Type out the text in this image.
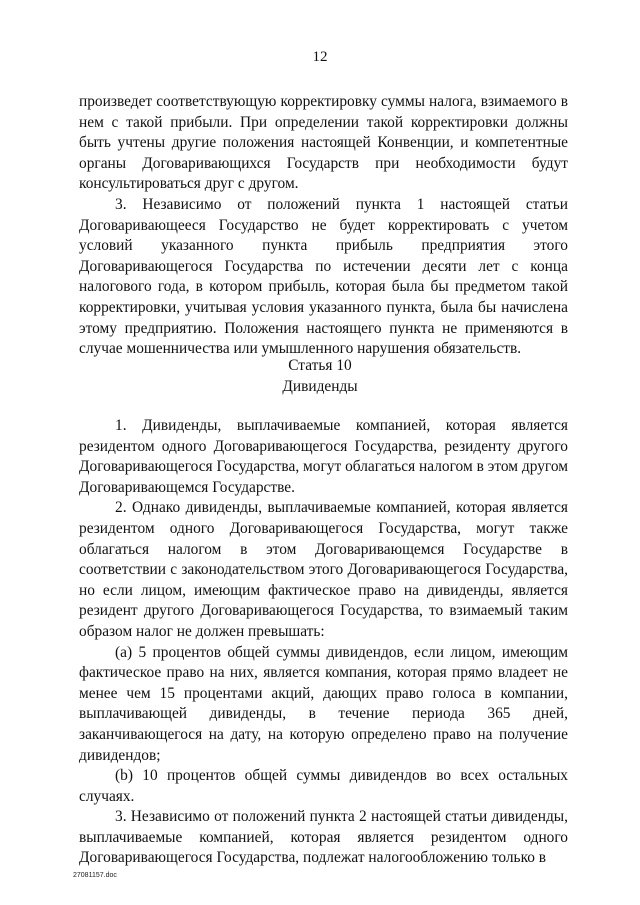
12

произведет соответствующую корректировку суммы налога, взимаемого в нем с такой прибыли. При определении такой корректировки должны быть учтены другие положения настоящей Конвенции, и компетентные органы Договаривающихся Государств при необходимости будут консультироваться друг с другом.

3. Независимо от положений пункта 1 настоящей статьи Договаривающееся Государство не будет корректировать с учетом условий указанного пункта прибыль предприятия этого Договаривающегося Государства по истечении десяти лет с конца налогового года, в котором прибыль, которая была бы предметом такой корректировки, учитывая условия указанного пункта, была бы начислена этому предприятию. Положения настоящего пункта не применяются в случае мошенничества или умышленного нарушения обязательств.

Статья 10
Дивиденды

1. Дивиденды, выплачиваемые компанией, которая является резидентом одного Договаривающегося Государства, резиденту другого Договаривающегося Государства, могут облагаться налогом в этом другом Договаривающемся Государстве.

2. Однако дивиденды, выплачиваемые компанией, которая является резидентом одного Договаривающегося Государства, могут также облагаться налогом в этом Договаривающемся Государстве в соответствии с законодательством этого Договаривающегося Государства, но если лицом, имеющим фактическое право на дивиденды, является резидент другого Договаривающегося Государства, то взимаемый таким образом налог не должен превышать:

(a) 5 процентов общей суммы дивидендов, если лицом, имеющим фактическое право на них, является компания, которая прямо владеет не менее чем 15 процентами акций, дающих право голоса в компании, выплачивающей дивиденды, в течение периода 365 дней, заканчивающегося на дату, на которую определено право на получение дивидендов;

(b) 10 процентов общей суммы дивидендов во всех остальных случаях.

3. Независимо от положений пункта 2 настоящей статьи дивиденды, выплачиваемые компанией, которая является резидентом одного Договаривающегося Государства, подлежат налогообложению только в

27081157.doc
